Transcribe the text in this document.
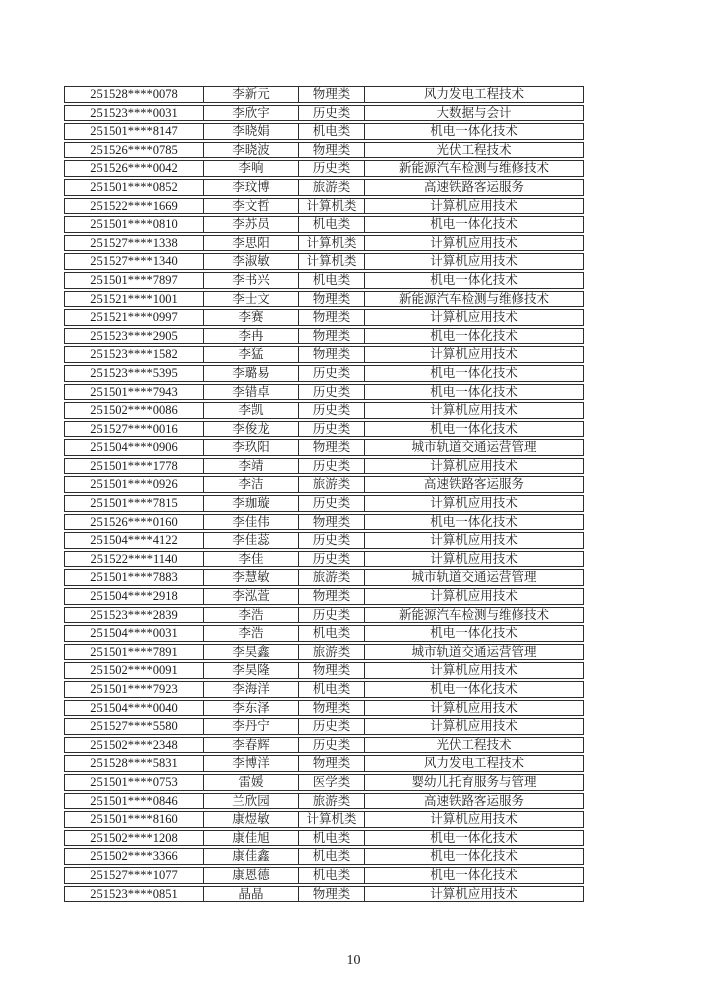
251528****0078	李新元	物理类	风力发电工程技术
251523****0031	李欣宇	历史类	大数据与会计
251501****8147	李晓娟	机电类	机电一体化技术
251526****0785	李晓波	物理类	光伏工程技术
251526****0042	李响	历史类	新能源汽车检测与维修技术
251501****0852	李玟博	旅游类	高速铁路客运服务
251522****1669	李文哲	计算机类	计算机应用技术
251501****0810	李苏员	机电类	机电一体化技术
251527****1338	李思阳	计算机类	计算机应用技术
251527****1340	李淑敏	计算机类	计算机应用技术
251501****7897	李书兴	机电类	机电一体化技术
251521****1001	李士文	物理类	新能源汽车检测与维修技术
251521****0997	李赛	物理类	计算机应用技术
251523****2905	李冉	物理类	机电一体化技术
251523****1582	李猛	物理类	计算机应用技术
251523****5395	李璐易	历史类	机电一体化技术
251501****7943	李错卓	历史类	机电一体化技术
251502****0086	李凯	历史类	计算机应用技术
251527****0016	李俊龙	历史类	机电一体化技术
251504****0906	李玖阳	物理类	城市轨道交通运营管理
251501****1778	李靖	历史类	计算机应用技术
251501****0926	李洁	旅游类	高速铁路客运服务
251501****7815	李珈璇	历史类	计算机应用技术
251526****0160	李佳伟	物理类	机电一体化技术
251504****4122	李佳蕊	历史类	计算机应用技术
251522****1140	李佳	历史类	计算机应用技术
251501****7883	李慧敏	旅游类	城市轨道交通运营管理
251504****2918	李泓萱	物理类	计算机应用技术
251523****2839	李浩	历史类	新能源汽车检测与维修技术
251504****0031	李浩	机电类	机电一体化技术
251501****7891	李昊鑫	旅游类	城市轨道交通运营管理
251502****0091	李昊隆	物理类	计算机应用技术
251501****7923	李海洋	机电类	机电一体化技术
251504****0040	李东泽	物理类	计算机应用技术
251527****5580	李丹宁	历史类	计算机应用技术
251502****2348	李春辉	历史类	光伏工程技术
251528****5831	李博洋	物理类	风力发电工程技术
251501****0753	雷媛	医学类	婴幼儿托育服务与管理
251501****0846	兰欣园	旅游类	高速铁路客运服务
251501****8160	康煜敏	计算机类	计算机应用技术
251502****1208	康佳旭	机电类	机电一体化技术
251502****3366	康佳鑫	机电类	机电一体化技术
251527****1077	康恩德	机电类	机电一体化技术
251523****0851	晶晶	物理类	计算机应用技术
10
